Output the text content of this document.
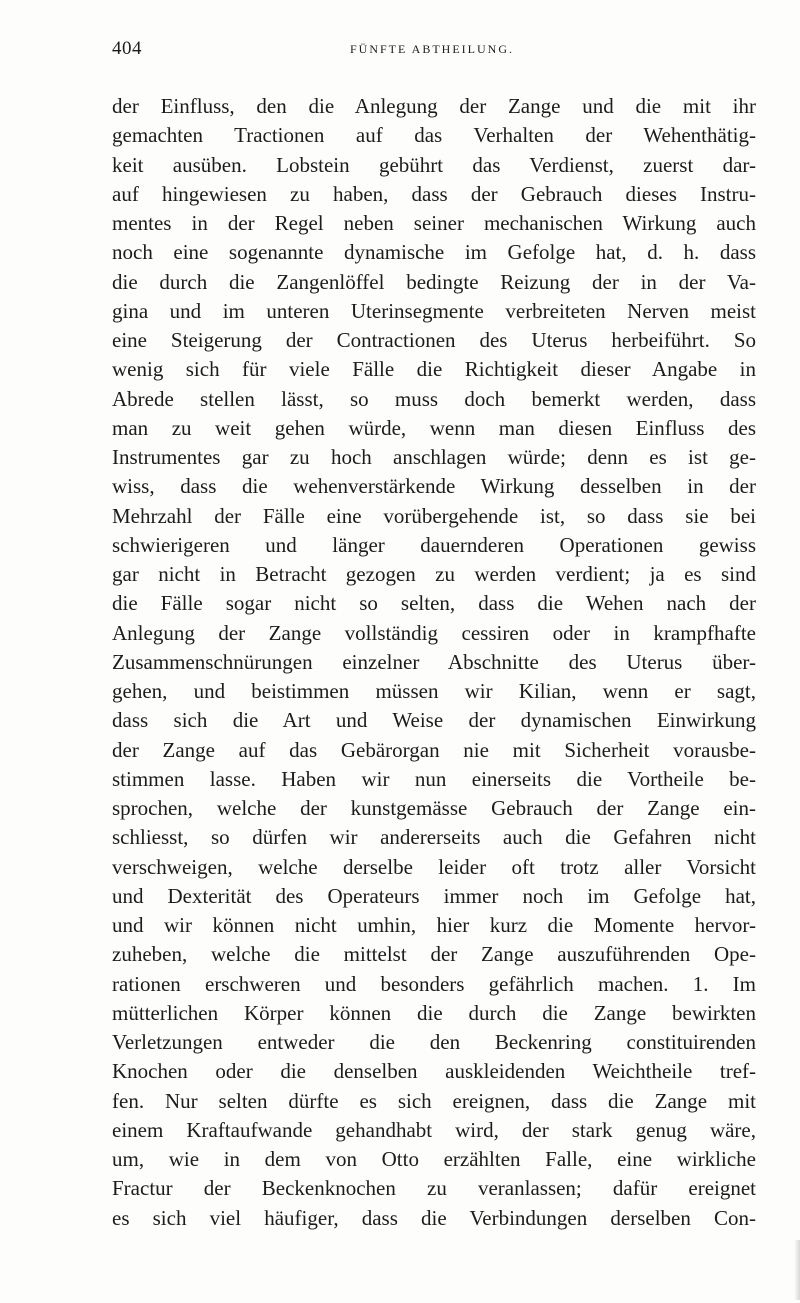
404	FÜNFTE ABTHEILUNG.
der Einfluss, den die Anlegung der Zange und die mit ihr
gemachten Tractionen auf das Verhalten der Wehenthätig-
keit ausüben. Lobstein gebührt das Verdienst, zuerst dar-
auf hingewiesen zu haben, dass der Gebrauch dieses Instru-
mentes in der Regel neben seiner mechanischen Wirkung auch
noch eine sogenannte dynamische im Gefolge hat, d. h. dass
die durch die Zangenlöffel bedingte Reizung der in der Va-
gina und im unteren Uterinsegmente verbreiteten Nerven meist
eine Steigerung der Contractionen des Uterus herbeiführt. So
wenig sich für viele Fälle die Richtigkeit dieser Angabe in
Abrede stellen lässt, so muss doch bemerkt werden, dass
man zu weit gehen würde, wenn man diesen Einfluss des
Instrumentes gar zu hoch anschlagen würde; denn es ist ge-
wiss, dass die wehenverstärkende Wirkung desselben in der
Mehrzahl der Fälle eine vorübergehende ist, so dass sie bei
schwierigeren und länger dauernderen Operationen gewiss
gar nicht in Betracht gezogen zu werden verdient; ja es sind
die Fälle sogar nicht so selten, dass die Wehen nach der
Anlegung der Zange vollständig cessiren oder in krampfhafte
Zusammenschnürungen einzelner Abschnitte des Uterus über-
gehen, und beistimmen müssen wir Kilian, wenn er sagt,
dass sich die Art und Weise der dynamischen Einwirkung
der Zange auf das Gebärorgan nie mit Sicherheit vorausbe-
stimmen lasse. Haben wir nun einerseits die Vortheile be-
sprochen, welche der kunstgemässe Gebrauch der Zange ein-
schliesst, so dürfen wir andererseits auch die Gefahren nicht
verschweigen, welche derselbe leider oft trotz aller Vorsicht
und Dexterität des Operateurs immer noch im Gefolge hat,
und wir können nicht umhin, hier kurz die Momente hervor-
zuheben, welche die mittelst der Zange auszuführenden Ope-
rationen erschweren und besonders gefährlich machen. 1. Im
mütterlichen Körper können die durch die Zange bewirkten
Verletzungen entweder die den Beckenring constituirenden
Knochen oder die denselben auskleidenden Weichtheile tref-
fen. Nur selten dürfte es sich ereignen, dass die Zange mit
einem Kraftaufwande gehandhabt wird, der stark genug wäre,
um, wie in dem von Otto erzählten Falle, eine wirkliche
Fractur der Beckenknochen zu veranlassen; dafür ereignet
es sich viel häufiger, dass die Verbindungen derselben Con-
